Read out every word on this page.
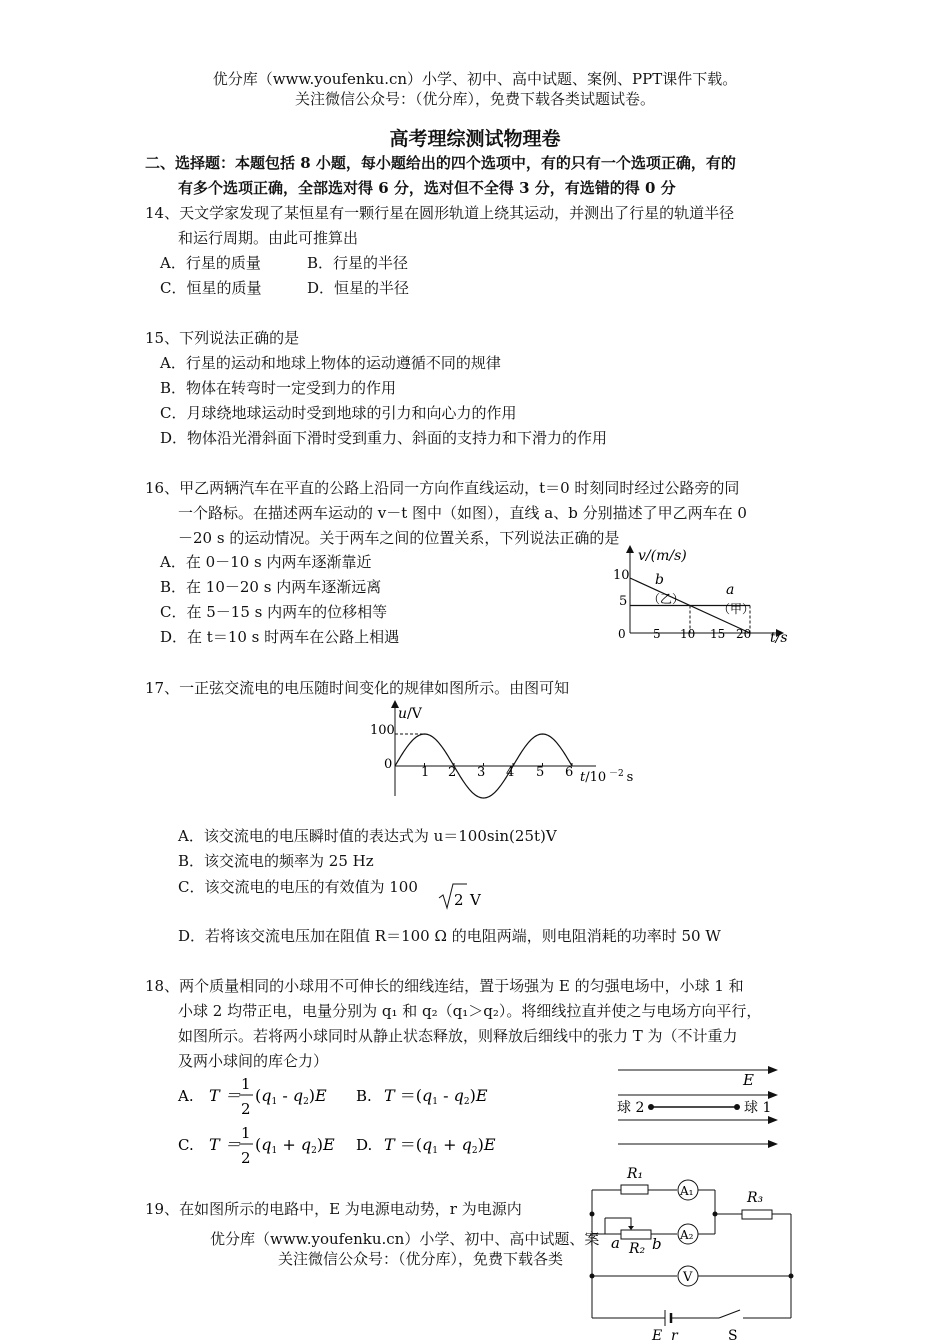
优分库（www.youfenku.cn）小学、初中、高中试题、案例、PPT课件下载。
关注微信公众号：（优分库），免费下载各类试题试卷。
高考理综测试物理卷
二、选择题：本题包括 8 小题，每小题给出的四个选项中，有的只有一个选项正确，有的
有多个选项正确，全部选对得 6 分，选对但不全得 3 分，有选错的得 0 分
14、天文学家发现了某恒星有一颗行星在圆形轨道上绕其运动，并测出了行星的轨道半径
和运行周期。由此可推算出
A．行星的质量	B．行星的半径
C．恒星的质量	D．恒星的半径
15、下列说法正确的是
A．行星的运动和地球上物体的运动遵循不同的规律
B．物体在转弯时一定受到力的作用
C．月球绕地球运动时受到地球的引力和向心力的作用
D．物体沿光滑斜面下滑时受到重力、斜面的支持力和下滑力的作用
16、甲乙两辆汽车在平直的公路上沿同一方向作直线运动，t＝0 时刻同时经过公路旁的同
一个路标。在描述两车运动的 v－t 图中（如图），直线 a、b 分别描述了甲乙两车在 0
－20 s 的运动情况。关于两车之间的位置关系，下列说法正确的是
A．在 0－10 s 内两车逐渐靠近
B．在 10－20 s 内两车逐渐远离
C．在 5－15 s 内两车的位移相等
D．在 t＝10 s 时两车在公路上相遇
v/(m/s)
t/s
10
5
0 5 10 15 20
b
（乙）
a
（甲）
17、一正弦交流电的电压随时间变化的规律如图所示。由图可知
u/V
100
0
t/10 $^{-2}$ s
1 2 3 4 5 6
A．该交流电的电压瞬时值的表达式为 u＝100sin(25t)V
B．该交流电的频率为 25 Hz
C．该交流电的电压的有效值为 100
2 V
D．若将该交流电压加在阻值 R＝100 Ω 的电阻两端，则电阻消耗的功率时 50 W
18、两个质量相同的小球用不可伸长的细线连结，置于场强为 E 的匀强电场中，小球 1 和
小球 2 均带正电，电量分别为 q₁ 和 q₂（q₁＞q₂）。将细线拉直并使之与电场方向平行，
如图所示。若将两小球同时从静止状态释放，则释放后细线中的张力 T 为（不计重力
及两小球间的库仑力）
A. T ＝
1
2
(q1 - q2)E B. T ＝(q1 - q2)E
C. T ＝
1
2
(q1 + q2)E D. T ＝(q1 + q2)E
E
球 2	球 1
19、在如图所示的电路中，E 为电源电动势，r 为电源内
优分库（www.youfenku.cn）小学、初中、高中试题、案
关注微信公众号：（优分库），免费下载各类
R₁
R₃
R₂
A₁
A₂
V
a b
E r	S
